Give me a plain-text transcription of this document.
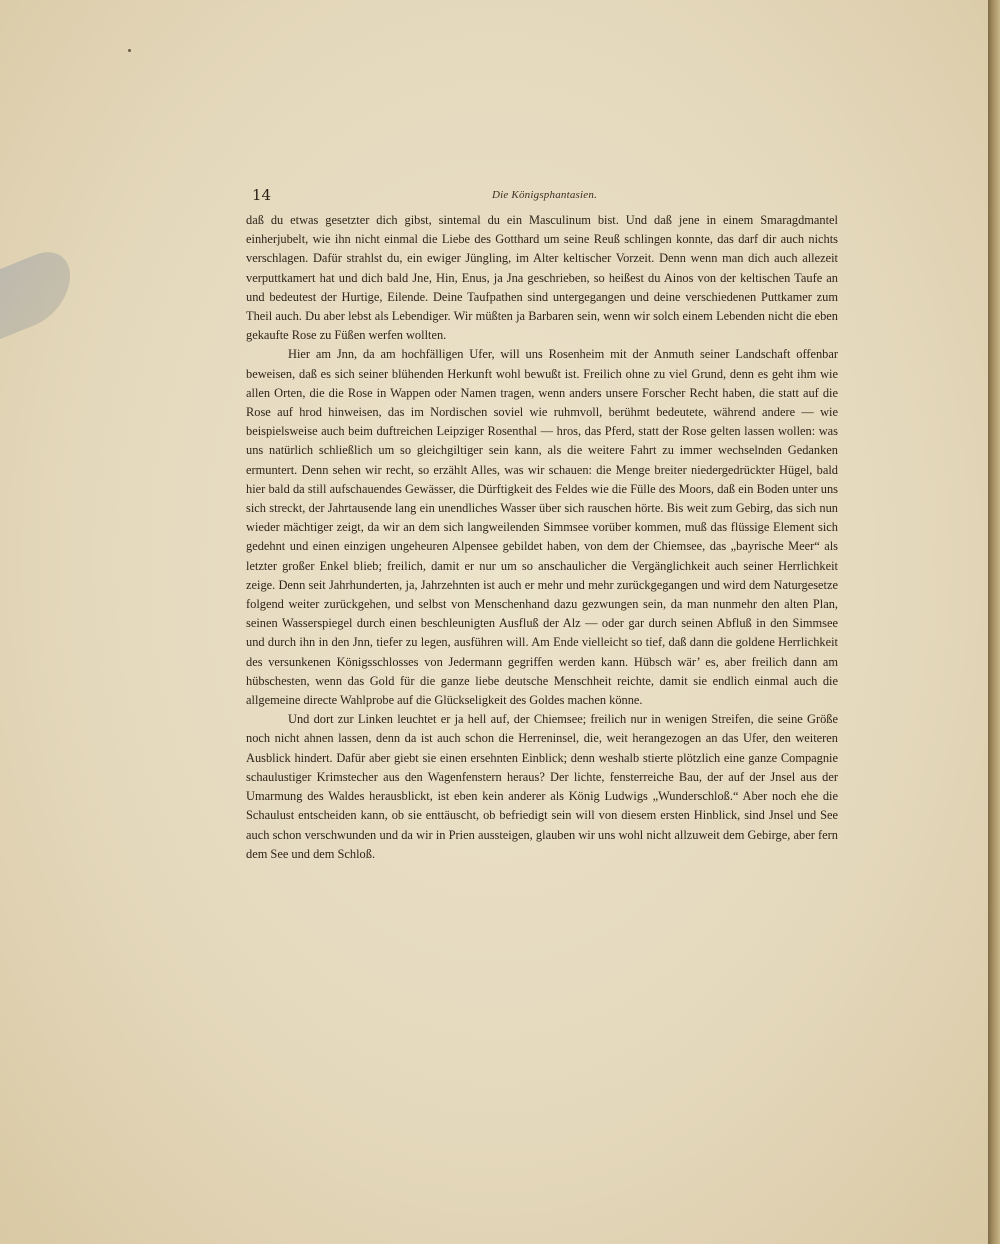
14	Die Königsphantasien.

daß du etwas gesetzter dich gibst, sintemal du ein Masculinum bist. Und daß jene in einem Smaragdmantel einherjubelt, wie ihn nicht einmal die Liebe des Gotthard um seine Reuß schlingen konnte, das darf dir auch nichts verschlagen. Dafür strahlst du, ein ewiger Jüngling, im Alter keltischer Vorzeit. Denn wenn man dich auch allezeit verputtkamert hat und dich bald Jne, Hin, Enus, ja Jna geschrieben, so heißest du Ainos von der keltischen Taufe an und bedeutest der Hurtige, Eilende. Deine Taufpathen sind untergegangen und deine verschiedenen Puttkamer zum Theil auch. Du aber lebst als Lebendiger. Wir müßten ja Barbaren sein, wenn wir solch einem Lebenden nicht die eben gekaufte Rose zu Füßen werfen wollten.

Hier am Jnn, da am hochfälligen Ufer, will uns Rosenheim mit der Anmuth seiner Landschaft offenbar beweisen, daß es sich seiner blühenden Herkunft wohl bewußt ist. Freilich ohne zu viel Grund, denn es geht ihm wie allen Orten, die die Rose in Wappen oder Namen tragen, wenn anders unsere Forscher Recht haben, die statt auf die Rose auf hrod hinweisen, das im Nordischen soviel wie ruhmvoll, berühmt bedeutete, während andere — wie beispielsweise auch beim duftreichen Leipziger Rosenthal — hros, das Pferd, statt der Rose gelten lassen wollen: was uns natürlich schließlich um so gleichgiltiger sein kann, als die weitere Fahrt zu immer wechselnden Gedanken ermuntert. Denn sehen wir recht, so erzählt Alles, was wir schauen: die Menge breiter niedergedrückter Hügel, bald hier bald da still aufschauendes Gewässer, die Dürftigkeit des Feldes wie die Fülle des Moors, daß ein Boden unter uns sich streckt, der Jahrtausende lang ein unendliches Wasser über sich rauschen hörte. Bis weit zum Gebirg, das sich nun wieder mächtiger zeigt, da wir an dem sich langweilenden Simmsee vorüber kommen, muß das flüssige Element sich gedehnt und einen einzigen ungeheuren Alpensee gebildet haben, von dem der Chiemsee, das „bayrische Meer“ als letzter großer Enkel blieb; freilich, damit er nur um so anschaulicher die Vergänglichkeit auch seiner Herrlichkeit zeige. Denn seit Jahrhunderten, ja, Jahrzehnten ist auch er mehr und mehr zurückgegangen und wird dem Naturgesetze folgend weiter zurückgehen, und selbst von Menschenhand dazu gezwungen sein, da man nunmehr den alten Plan, seinen Wasserspiegel durch einen beschleunigten Ausfluß der Alz — oder gar durch seinen Abfluß in den Simmsee und durch ihn in den Jnn, tiefer zu legen, ausführen will. Am Ende vielleicht so tief, daß dann die goldene Herrlichkeit des versunkenen Königsschlosses von Jedermann gegriffen werden kann. Hübsch wär’ es, aber freilich dann am hübschesten, wenn das Gold für die ganze liebe deutsche Menschheit reichte, damit sie endlich einmal auch die allgemeine directe Wahlprobe auf die Glückseligkeit des Goldes machen könne.

Und dort zur Linken leuchtet er ja hell auf, der Chiemsee; freilich nur in wenigen Streifen, die seine Größe noch nicht ahnen lassen, denn da ist auch schon die Herreninsel, die, weit herangezogen an das Ufer, den weiteren Ausblick hindert. Dafür aber giebt sie einen ersehnten Einblick; denn weshalb stierte plötzlich eine ganze Compagnie schaulustiger Krimstecher aus den Wagenfenstern heraus? Der lichte, fensterreiche Bau, der auf der Jnsel aus der Umarmung des Waldes herausblickt, ist eben kein anderer als König Ludwigs „Wunderschloß.“ Aber noch ehe die Schaulust entscheiden kann, ob sie enttäuscht, ob befriedigt sein will von diesem ersten Hinblick, sind Jnsel und See auch schon verschwunden und da wir in Prien aussteigen, glauben wir uns wohl nicht allzuweit dem Gebirge, aber fern dem See und dem Schloß.
